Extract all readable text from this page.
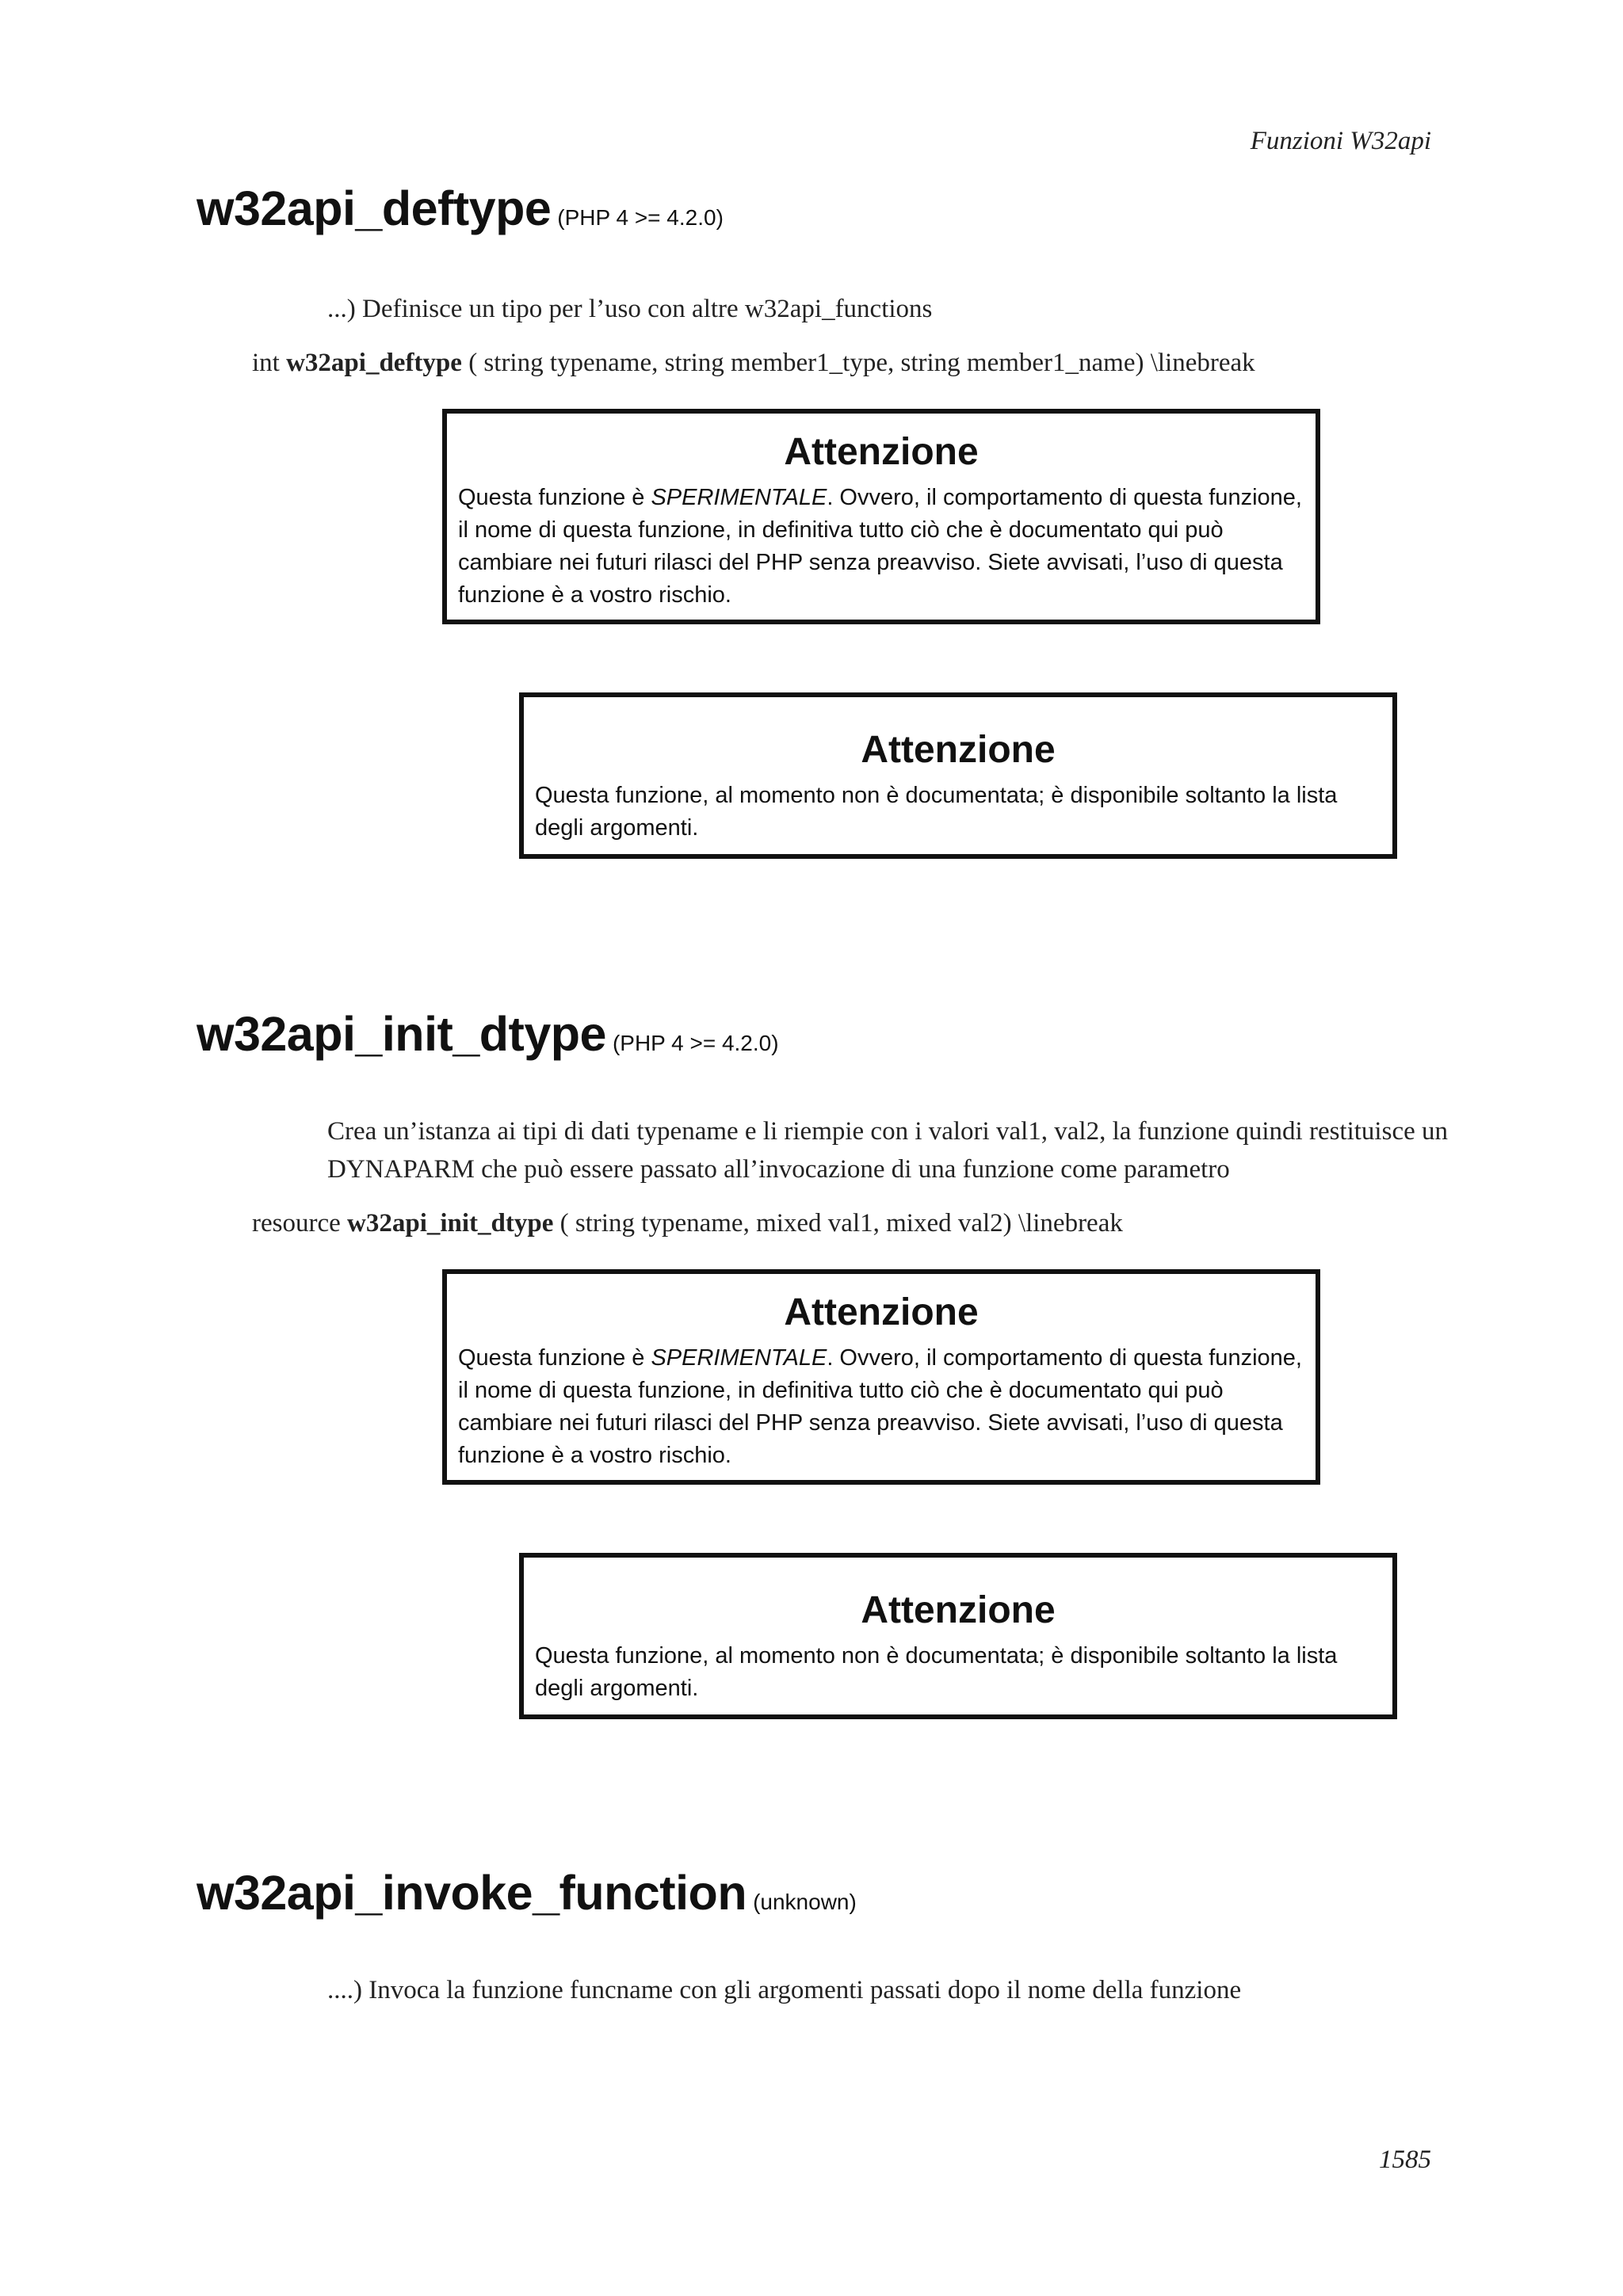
Funzioni W32api
w32api_deftype (PHP 4 >= 4.2.0)
...) Definisce un tipo per l’uso con altre w32api_functions
int w32api_deftype ( string typename, string member1_type, string member1_name) \linebreak
Attenzione
Questa funzione è SPERIMENTALE. Ovvero, il comportamento di questa funzione, il nome di questa funzione, in definitiva tutto ciò che è documentato qui può cambiare nei futuri rilasci del PHP senza preavviso. Siete avvisati, l’uso di questa funzione è a vostro rischio.
Attenzione
Questa funzione, al momento non è documentata; è disponibile soltanto la lista degli argomenti.
w32api_init_dtype (PHP 4 >= 4.2.0)
Crea un’istanza ai tipi di dati typename e li riempie con i valori val1, val2, la funzione quindi restituisce un DYNAPARM che può essere passato all’invocazione di una funzione come parametro
resource w32api_init_dtype ( string typename, mixed val1, mixed val2) \linebreak
Attenzione
Questa funzione è SPERIMENTALE. Ovvero, il comportamento di questa funzione, il nome di questa funzione, in definitiva tutto ciò che è documentato qui può cambiare nei futuri rilasci del PHP senza preavviso. Siete avvisati, l’uso di questa funzione è a vostro rischio.
Attenzione
Questa funzione, al momento non è documentata; è disponibile soltanto la lista degli argomenti.
w32api_invoke_function (unknown)
....) Invoca la funzione funcname con gli argomenti passati dopo il nome della funzione
1585
